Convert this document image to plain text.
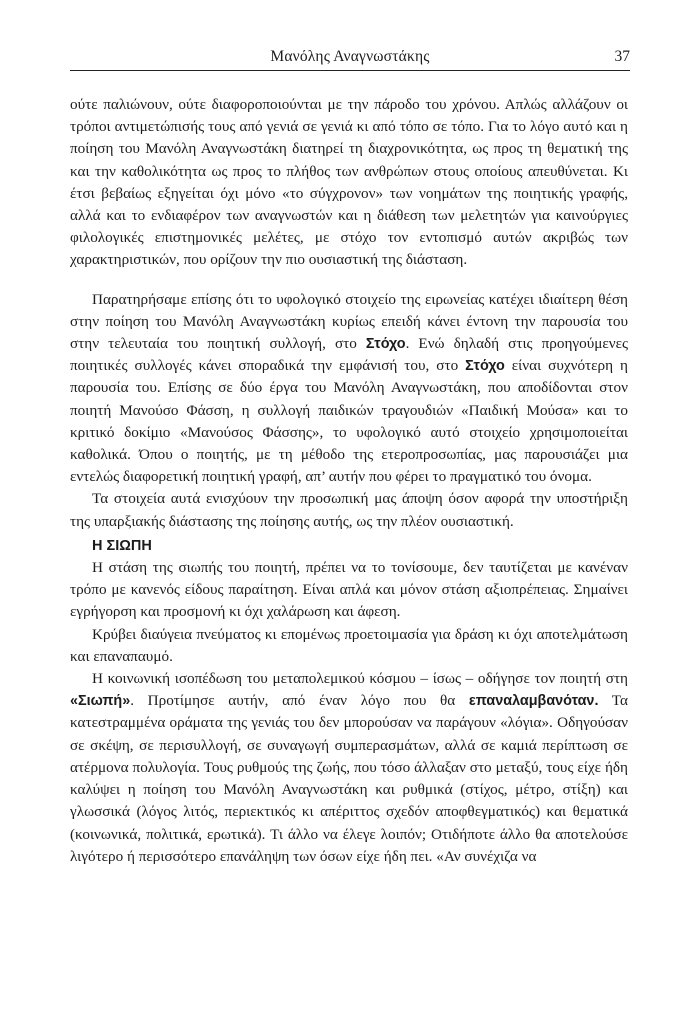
Μανόλης Αναγνωστάκης	37

ούτε παλιώνουν, ούτε διαφοροποιούνται με την πάροδο του χρόνου. Απλώς αλλάζουν οι τρόποι αντιμετώπισής τους από γενιά σε γενιά κι από τόπο σε τόπο. Για το λόγο αυτό και η ποίηση του Μανόλη Αναγνωστάκη διατηρεί τη διαχρονικότητα, ως προς τη θεματική της και την καθολικότητα ως προς το πλήθος των ανθρώπων στους οποίους απευθύνεται. Κι έτσι βεβαίως εξηγείται όχι μόνο «το σύγχρονον» των νοημάτων της ποιητικής γραφής, αλλά και το ενδιαφέρον των αναγνωστών και η διάθεση των μελετητών για καινούργιες φιλολογικές επιστημονικές μελέτες, με στόχο τον εντοπισμό αυτών ακριβώς των χαρακτηριστικών, που ορίζουν την πιο ουσιαστική της διάσταση.

Παρατηρήσαμε επίσης ότι το υφολογικό στοιχείο της ειρωνείας κατέχει ιδιαίτερη θέση στην ποίηση του Μανόλη Αναγνωστάκη κυρίως επειδή κάνει έντονη την παρουσία του στην τελευταία του ποιητική συλλογή, στο Στόχο. Ενώ δηλαδή στις προηγούμενες ποιητικές συλλογές κάνει σποραδικά την εμφάνισή του, στο Στόχο είναι συχνότερη η παρουσία του. Επίσης σε δύο έργα του Μανόλη Αναγνωστάκη, που αποδίδονται στον ποιητή Μανούσο Φάσση, η συλλογή παιδικών τραγουδιών «Παιδική Μούσα» και το κριτικό δοκίμιο «Μανούσος Φάσσης», το υφολογικό αυτό στοιχείο χρησιμοποιείται καθολικά. Όπου ο ποιητής, με τη μέθοδο της ετεροπροσωπίας, μας παρουσιάζει μια εντελώς διαφορετική ποιητική γραφή, απ’ αυτήν που φέρει το πραγματικό του όνομα.

Τα στοιχεία αυτά ενισχύουν την προσωπική μας άποψη όσον αφορά την υποστήριξη της υπαρξιακής διάστασης της ποίησης αυτής, ως την πλέον ουσιαστική.

Η ΣΙΩΠΗ

Η στάση της σιωπής του ποιητή, πρέπει να το τονίσουμε, δεν ταυτίζεται με κανέναν τρόπο με κανενός είδους παραίτηση. Είναι απλά και μόνον στάση αξιοπρέπειας. Σημαίνει εγρήγορση και προσμονή κι όχι χαλάρωση και άφεση.

Κρύβει διαύγεια πνεύματος κι επομένως προετοιμασία για δράση κι όχι αποτελμάτωση και επαναπαυμό.

Η κοινωνική ισοπέδωση του μεταπολεμικού κόσμου – ίσως – οδήγησε τον ποιητή στη «Σιωπή». Προτίμησε αυτήν, από έναν λόγο που θα επαναλαμβανόταν. Τα κατεστραμμένα οράματα της γενιάς του δεν μπορούσαν να παράγουν «λόγια». Οδηγούσαν σε σκέψη, σε περισυλλογή, σε συναγωγή συμπερασμάτων, αλλά σε καμιά περίπτωση σε ατέρμονα πολυλογία. Τους ρυθμούς της ζωής, που τόσο άλλαξαν στο μεταξύ, τους είχε ήδη καλύψει η ποίηση του Μανόλη Αναγνωστάκη και ρυθμικά (στίχος, μέτρο, στίξη) και γλωσσικά (λόγος λιτός, περιεκτικός κι απέριττος σχεδόν αποφθεγματικός) και θεματικά (κοινωνικά, πολιτικά, ερωτικά). Τι άλλο να έλεγε λοιπόν; Οτιδήποτε άλλο θα αποτελούσε λιγότερο ή περισσότερο επανάληψη των όσων είχε ήδη πει. «Αν συνέχιζα να
